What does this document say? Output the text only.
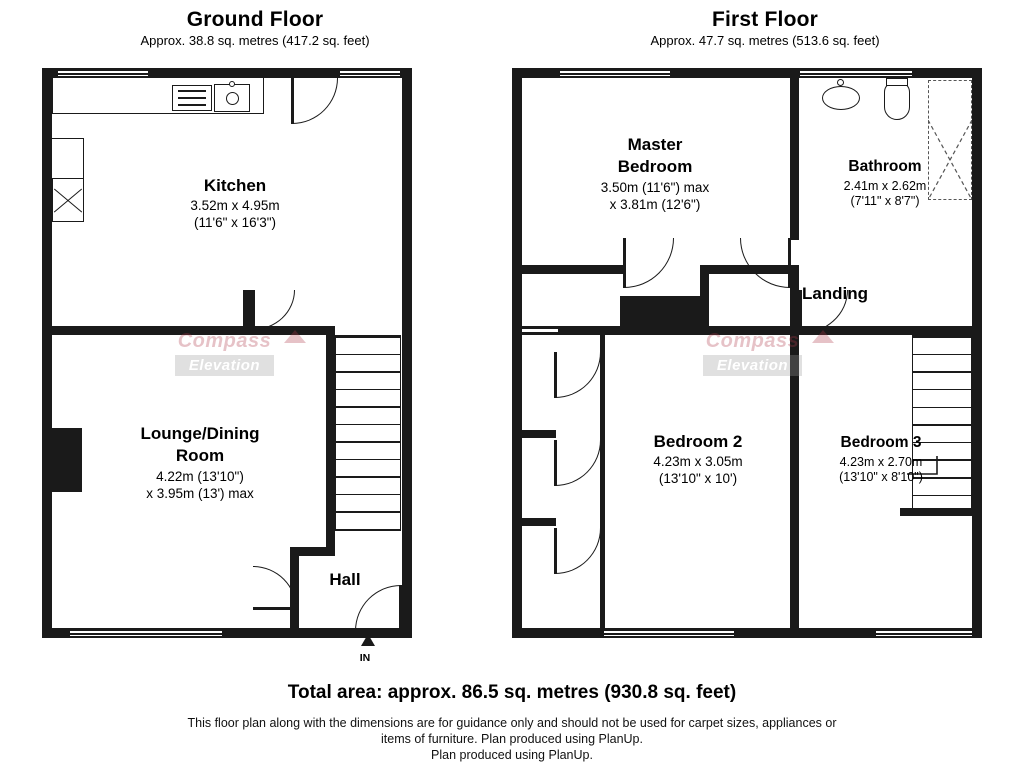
Ground Floor
Approx. 38.8 sq. metres (417.2 sq. feet)
First Floor
Approx. 47.7 sq. metres (513.6 sq. feet)
Kitchen
3.52m x 4.95m
(11'6" x 16'3")
Lounge/Dining
Room
4.22m (13'10")
x 3.95m (13') max
Hall
IN
Compass
Elevation
Master
Bedroom
3.50m (11'6") max
x 3.81m (12'6")
Bathroom
2.41m x 2.62m
(7'11" x 8'7")
Landing
Bedroom 2
4.23m x 3.05m
(13'10" x 10')
Bedroom 3
4.23m x 2.70m
(13'10" x 8'10")
Compass
Elevation
Total area: approx. 86.5 sq. metres (930.8 sq. feet)
This floor plan along with the dimensions are for guidance only and should not be used for carpet sizes, appliances or
items of furniture. Plan produced using PlanUp.
Plan produced using PlanUp.
